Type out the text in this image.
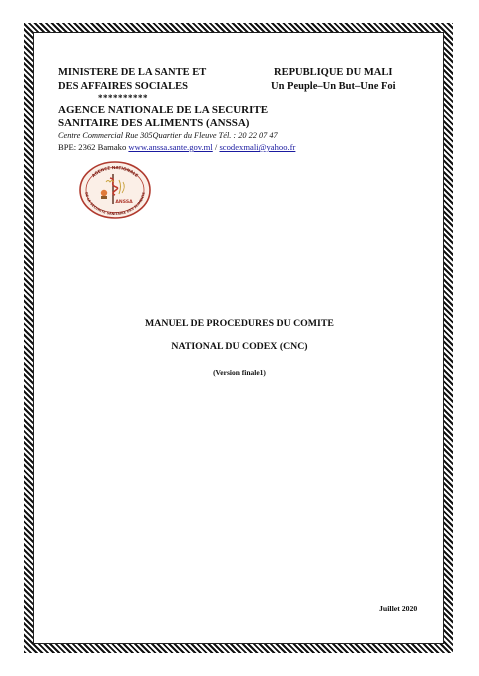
MINISTERE DE LA SANTE ET
DES AFFAIRES SOCIALES
**********
REPUBLIQUE DU MALI
Un Peuple–Un But–Une Foi
AGENCE NATIONALE DE LA SECURITE
SANITAIRE DES ALIMENTS (ANSSA)
Centre Commercial Rue 305Quartier du Fleuve Tél. : 20 22 07 47
BPE: 2362 Bamako www.anssa.sante.gov.ml / scodexmali@yahoo.fr
AGENCE NATIONALE
DE LA SECURITE SANITAIRE DES ALIMENTS
ANSSA
MANUEL DE PROCEDURES DU COMITE
NATIONAL DU CODEX (CNC)
(Version finale1)
Juillet 2020
